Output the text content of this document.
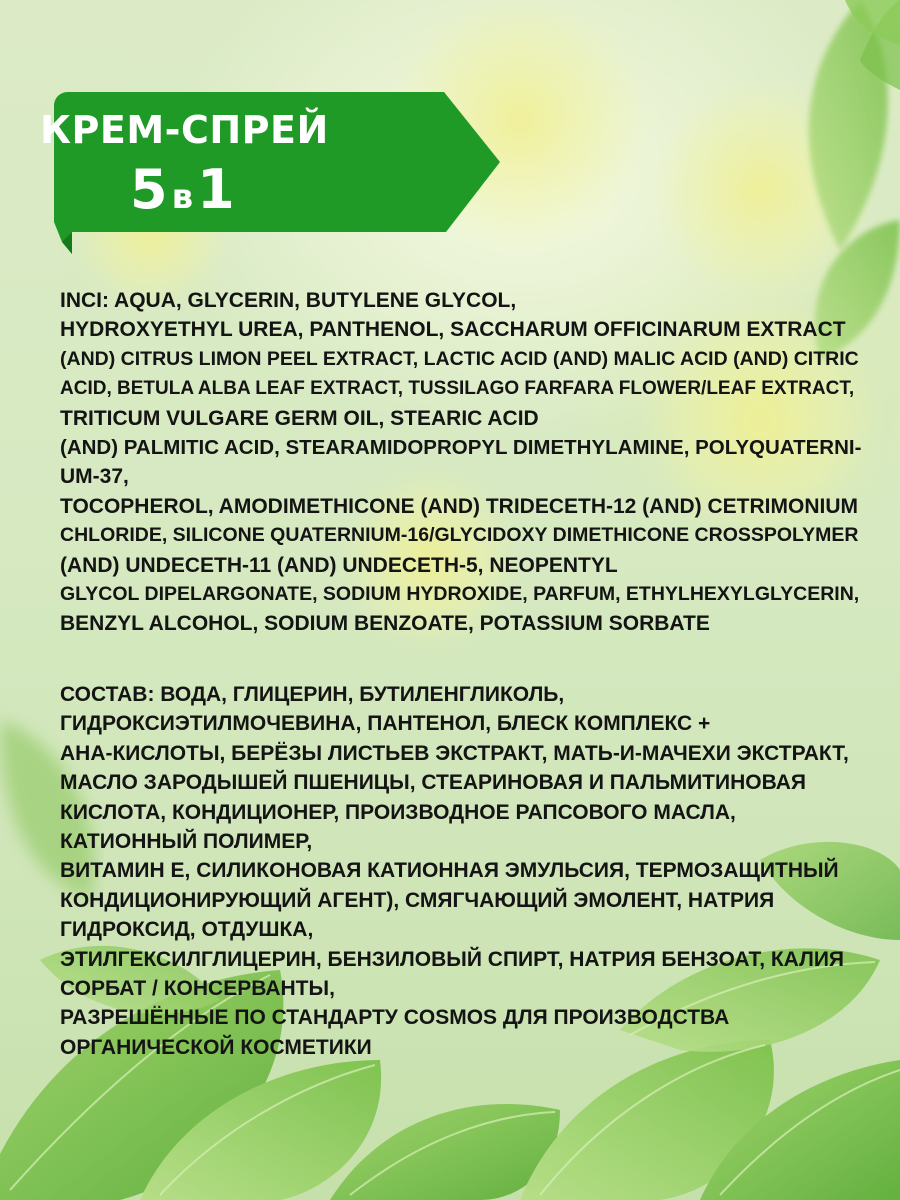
КРЕМ-СПРЕЙ
5 в1
INCI: AQUA, GLYCERIN, BUTYLENE GLYCOL,
HYDROXYETHYL UREA, PANTHENOL, SACCHARUM OFFICINARUM EXTRACT
(AND) CITRUS LIMON PEEL EXTRACT, LACTIC ACID (AND) MALIC ACID (AND) CITRIC
ACID, BETULA ALBA LEAF EXTRACT, TUSSILAGO FARFARA FLOWER/LEAF EXTRACT,
TRITICUM VULGARE GERM OIL, STEARIC ACID
(AND) PALMITIC ACID, STEARAMIDOPROPYL DIMETHYLAMINE, POLYQUATERNI-
UM-37,
TOCOPHEROL, AMODIMETHICONE (AND) TRIDECETH-12 (AND) CETRIMONIUM
CHLORIDE, SILICONE QUATERNIUM-16/GLYCIDOXY DIMETHICONE CROSSPOLYMER
(AND) UNDECETH-11 (AND) UNDECETH-5, NEOPENTYL
GLYCOL DIPELARGONATE, SODIUM HYDROXIDE, PARFUM, ETHYLHEXYLGLYCERIN,
BENZYL ALCOHOL, SODIUM BENZOATE, POTASSIUM SORBATE
СОСТАВ: ВОДА, ГЛИЦЕРИН, БУТИЛЕНГЛИКОЛЬ,
ГИДРОКСИЭТИЛМОЧЕВИНА, ПАНТЕНОЛ, БЛЕСК КОМПЛЕКС +
АНА-КИСЛОТЫ, БЕРЁЗЫ ЛИСТЬЕВ ЭКСТРАКТ, МАТЬ-И-МАЧЕХИ ЭКСТРАКТ,
МАСЛО ЗАРОДЫШЕЙ ПШЕНИЦЫ, СТЕАРИНОВАЯ И ПАЛЬМИТИНОВАЯ
КИСЛОТА, КОНДИЦИОНЕР, ПРОИЗВОДНОЕ РАПСОВОГО МАСЛА,
КАТИОННЫЙ ПОЛИМЕР,
ВИТАМИН Е, СИЛИКОНОВАЯ КАТИОННАЯ ЭМУЛЬСИЯ, ТЕРМОЗАЩИТНЫЙ
КОНДИЦИОНИРУЮЩИЙ АГЕНТ), СМЯГЧАЮЩИЙ ЭМОЛЕНТ, НАТРИЯ
ГИДРОКСИД, ОТДУШКА,
ЭТИЛГЕКСИЛГЛИЦЕРИН, БЕНЗИЛОВЫЙ СПИРТ, НАТРИЯ БЕНЗОАТ, КАЛИЯ
СОРБАТ / КОНСЕРВАНТЫ,
РАЗРЕШЁННЫЕ ПО СТАНДАРТУ COSMOS ДЛЯ ПРОИЗВОДСТВА
ОРГАНИЧЕСКОЙ КОСМЕТИКИ
